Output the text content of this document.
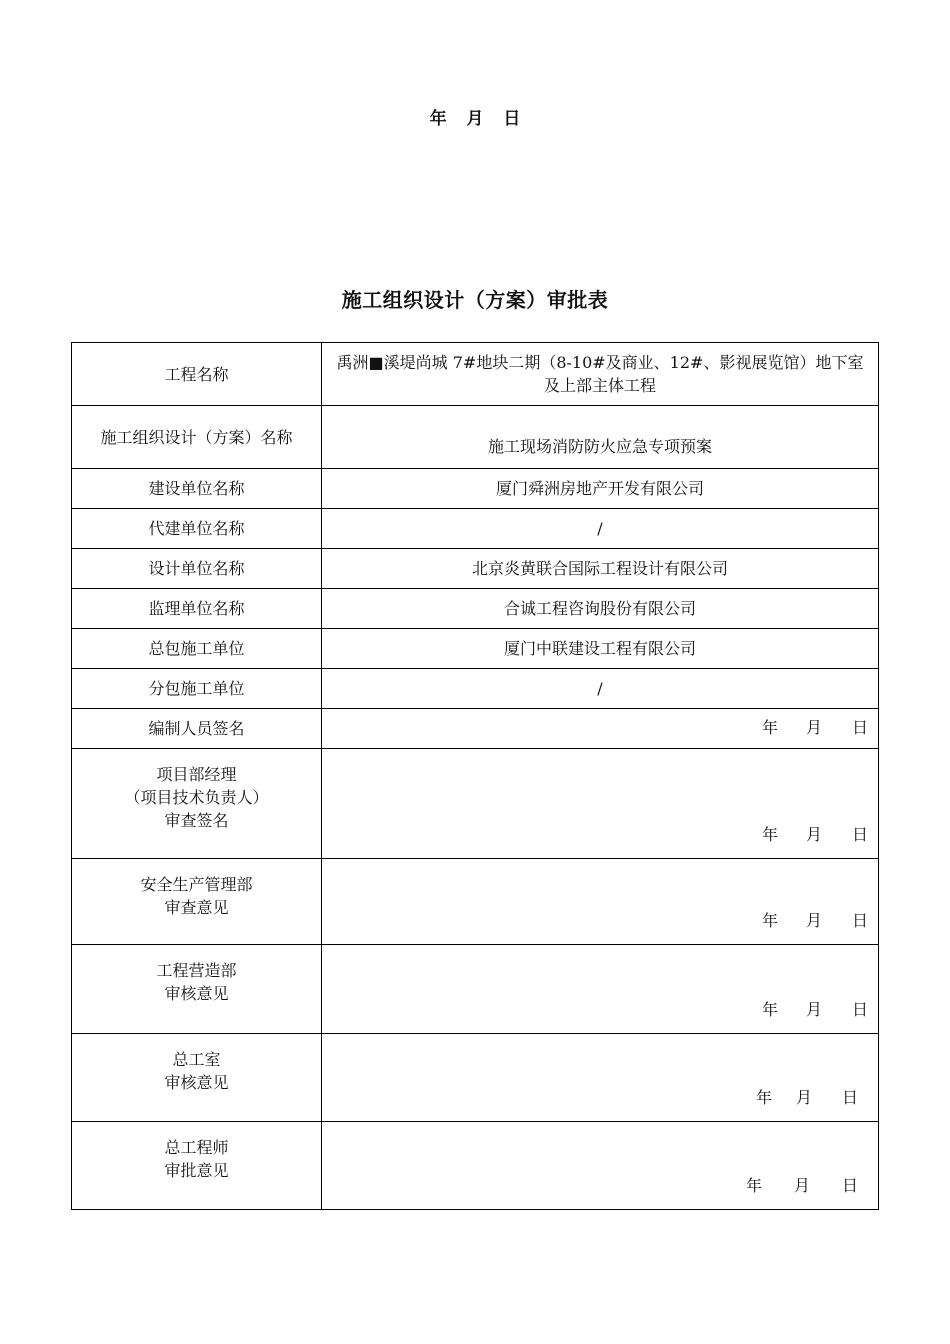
年 月 日
施工组织设计（方案）审批表
工程名称	禹洲■溪堤尚城 7#地块二期（8-10#及商业、12#、影视展览馆）地下室及上部主体工程

施工组织设计（方案）名称	施工现场消防防火应急专项预案

建设单位名称	厦门舜洲房地产开发有限公司
代建单位名称	/
设计单位名称	北京炎黄联合国际工程设计有限公司
监理单位名称	合诚工程咨询股份有限公司
总包施工单位	厦门中联建设工程有限公司
分包施工单位	/
编制人员签名	年 月 日

项目部经理
（项目技术负责人）
审查签名	年 月 日

安全生产管理部
审查意见	年 月 日

工程营造部
审核意见	年 月 日

总工室
审核意见	年 月 日

总工程师
审批意见	年 月 日
